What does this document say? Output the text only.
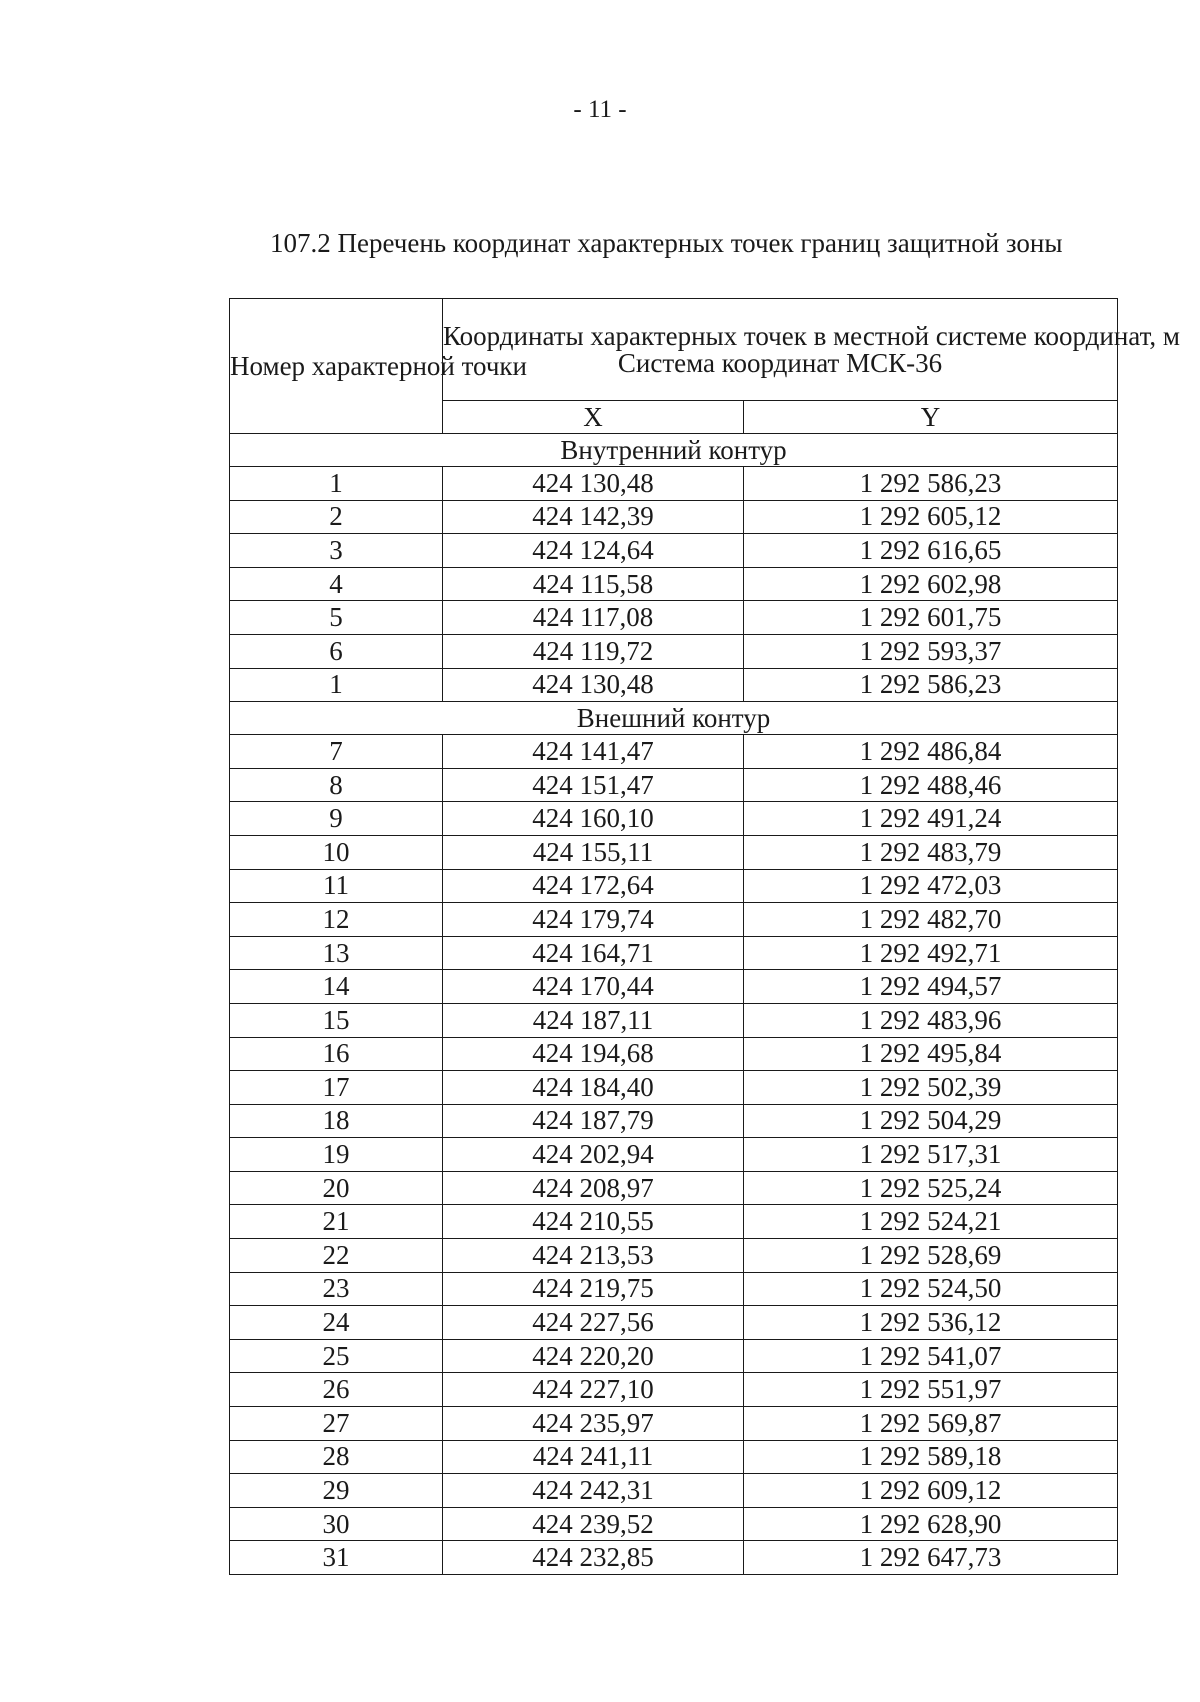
- 11 -
107.2 Перечень координат характерных точек границ защитной зоны
Номер характерной точки	Координаты характерных точек в местной системе координат, м
Система координат МСК-36	

	X	Y
Внутренний контур		
1	424 130,48	1 292 586,23
2	424 142,39	1 292 605,12
3	424 124,64	1 292 616,65
4	424 115,58	1 292 602,98
5	424 117,08	1 292 601,75
6	424 119,72	1 292 593,37
1	424 130,48	1 292 586,23
Внешний контур		
7	424 141,47	1 292 486,84
8	424 151,47	1 292 488,46
9	424 160,10	1 292 491,24
10	424 155,11	1 292 483,79
11	424 172,64	1 292 472,03
12	424 179,74	1 292 482,70
13	424 164,71	1 292 492,71
14	424 170,44	1 292 494,57
15	424 187,11	1 292 483,96
16	424 194,68	1 292 495,84
17	424 184,40	1 292 502,39
18	424 187,79	1 292 504,29
19	424 202,94	1 292 517,31
20	424 208,97	1 292 525,24
21	424 210,55	1 292 524,21
22	424 213,53	1 292 528,69
23	424 219,75	1 292 524,50
24	424 227,56	1 292 536,12
25	424 220,20	1 292 541,07
26	424 227,10	1 292 551,97
27	424 235,97	1 292 569,87
28	424 241,11	1 292 589,18
29	424 242,31	1 292 609,12
30	424 239,52	1 292 628,90
31	424 232,85	1 292 647,73
